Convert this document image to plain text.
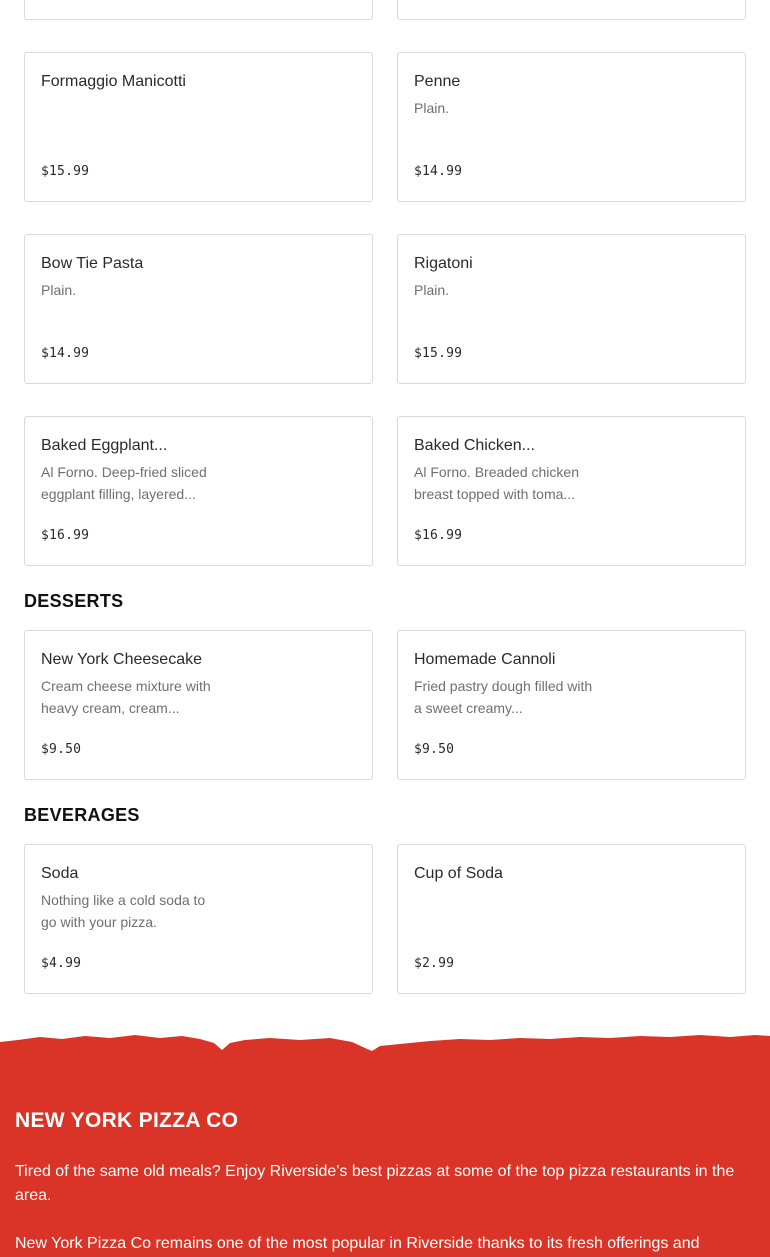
Formaggio Manicotti
$15.99
Penne
Plain.
$14.99
Bow Tie Pasta
Plain.
$14.99
Rigatoni
Plain.
$15.99
Baked Eggplant...
Al Forno. Deep-fried sliced eggplant filling, layered...
$16.99
Baked Chicken...
Al Forno. Breaded chicken breast topped with toma...
$16.99
DESSERTS
New York Cheesecake
Cream cheese mixture with heavy cream, cream...
$9.50
Homemade Cannoli
Fried pastry dough filled with a sweet creamy...
$9.50
BEVERAGES
Soda
Nothing like a cold soda to go with your pizza.
$4.99
Cup of Soda
$2.99
NEW YORK PIZZA CO
Tired of the same old meals? Enjoy Riverside's best pizzas at some of the top pizza restaurants in the area.
New York Pizza Co remains one of the most popular in Riverside thanks to its fresh offerings and
